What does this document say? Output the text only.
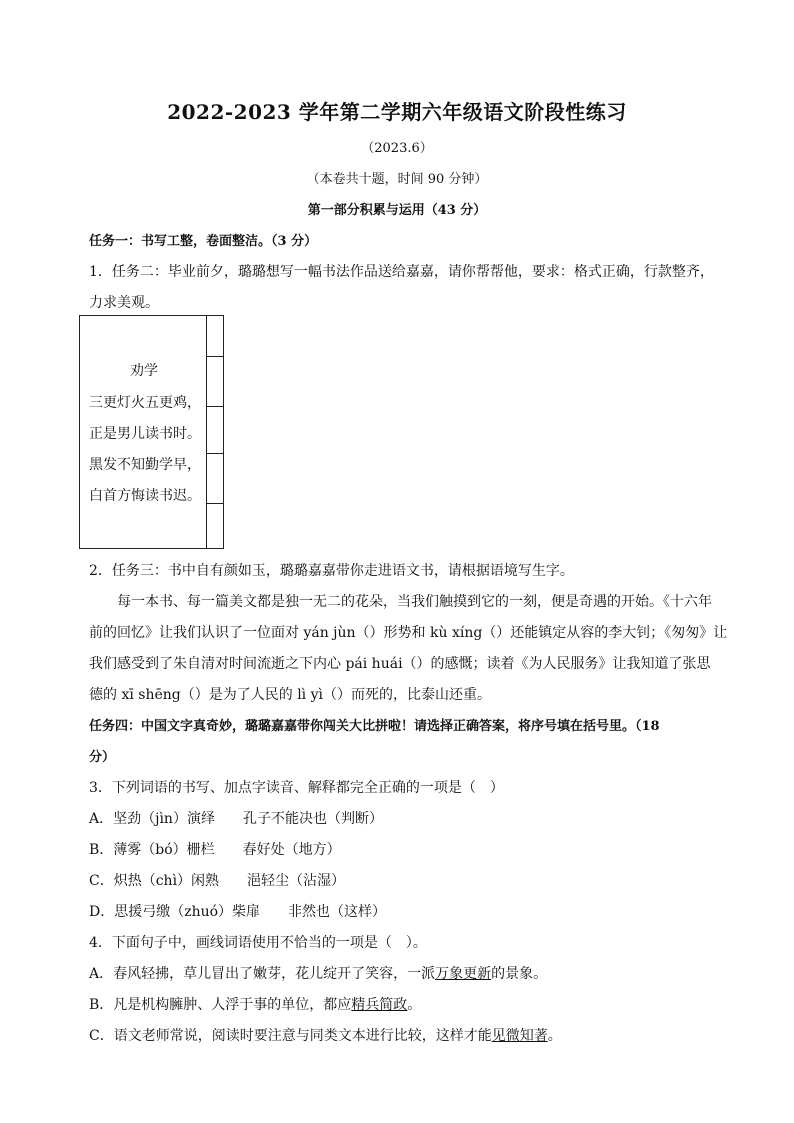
2022-2023 学年第二学期六年级语文阶段性练习
（2023.6）
（本卷共十题，时间 90 分钟）
第一部分积累与运用（43 分）
任务一：书写工整，卷面整洁。（3 分）
1．任务二：毕业前夕，璐璐想写一幅书法作品送给嘉嘉，请你帮帮他，要求：格式正确，行款整齐，
力求美观。
劝学
三更灯火五更鸡，
正是男儿读书时。
黑发不知勤学早，
白首方悔读书迟。
2．任务三：书中自有颜如玉，璐璐嘉嘉带你走进语文书，请根据语境写生字。
每一本书、每一篇美文都是独一无二的花朵，当我们触摸到它的一刻，便是奇遇的开始。《十六年
前的回忆》让我们认识了一位面对 yán jùn（）形势和 kù xíng（）还能镇定从容的李大钊；《匆匆》让
我们感受到了朱自清对时间流逝之下内心 pái huái（）的感慨；读着《为人民服务》让我知道了张思
德的 xī shēng（）是为了人民的 lì yì（）而死的，比泰山还重。
任务四：中国文字真奇妙，璐璐嘉嘉带你闯关大比拼啦！请选择正确答案，将序号填在括号里。（18
分）
3．下列词语的书写、加点字读音、解释都完全正确的一项是（　）
A．坚劲（jìn）演绎　　孔子不能决也（判断）
B．薄雾（bó）栅栏　　春好处（地方）
C．炽热（chì）闲熟　　浥轻尘（沾湿）
D．思援弓缴（zhuó）柴扉　　非然也（这样）
4．下面句子中，画线词语使用不恰当的一项是（　）。
A．春风轻拂，草儿冒出了嫩芽，花儿绽开了笑容，一派万象更新的景象。
B．凡是机构臃肿、人浮于事的单位，都应精兵简政。
C．语文老师常说，阅读时要注意与同类文本进行比较，这样才能见微知著。
